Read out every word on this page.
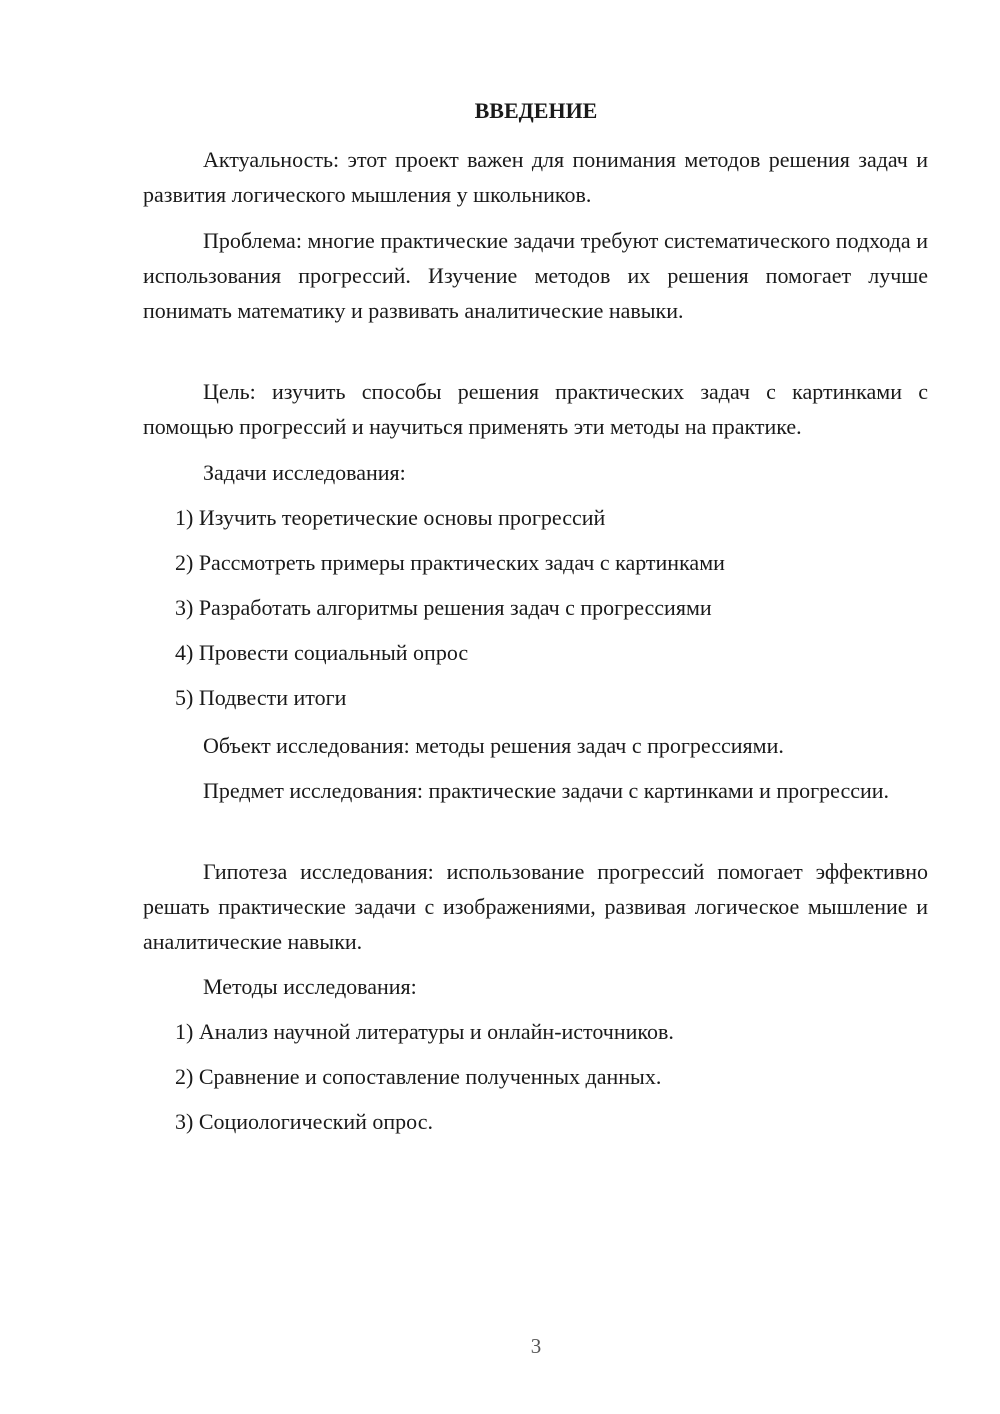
ВВЕДЕНИЕ

Актуальность: этот проект важен для понимания методов решения задач и развития логического мышления у школьников.

Проблема: многие практические задачи требуют систематического подхода и использования прогрессий. Изучение методов их решения помогает лучше понимать математику и развивать аналитические навыки.

Цель: изучить способы решения практических задач с картинками с помощью прогрессий и научиться применять эти методы на практике.

Задачи исследования:
1) Изучить теоретические основы прогрессий
2) Рассмотреть примеры практических задач с картинками
3) Разработать алгоритмы решения задач с прогрессиями
4) Провести социальный опрос
5) Подвести итоги
Объект исследования: методы решения задач с прогрессиями.

Предмет исследования: практические задачи с картинками и прогрессии.

Гипотеза исследования: использование прогрессий помогает эффективно решать практические задачи с изображениями, развивая логическое мышление и аналитические навыки.

Методы исследования:
1) Анализ научной литературы и онлайн-источников.
2) Сравнение и сопоставление полученных данных.
3) Социологический опрос.
3
